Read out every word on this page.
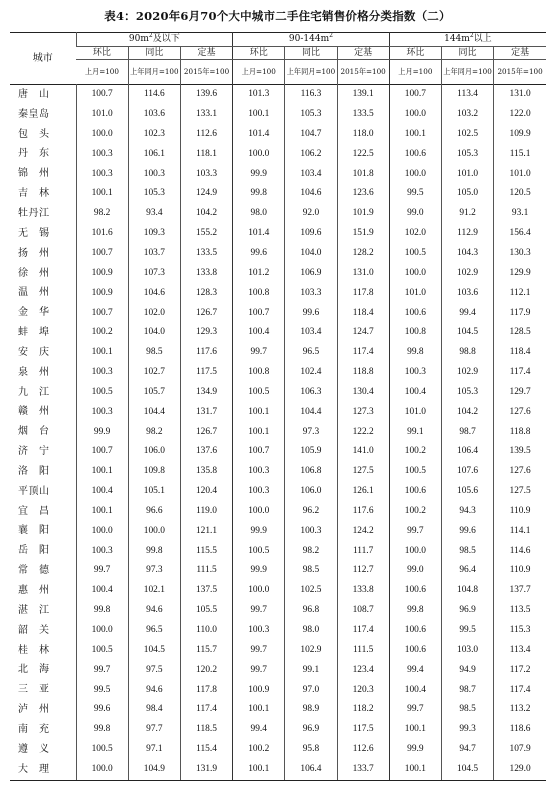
表4：2020年6月70个大中城市二手住宅销售价格分类指数（二）
城市	$90m^2$及以下			$90-144m^2$			$144m^2$以上		
	环比	同比	定基	环比	同比	定基	环比	同比	定基
	上月=100	上年同月=100	2015年=100	上月=100	上年同月=100	2015年=100	上月=100	上年同月=100	2015年=100
唐　山	100.7	114.6	139.6	101.3	116.3	139.1	100.7	113.4	131.0
秦皇岛	101.0	103.6	133.1	100.1	105.3	133.5	100.0	103.2	122.0
包　头	100.0	102.3	112.6	101.4	104.7	118.0	100.1	102.5	109.9
丹　东	100.3	106.1	118.1	100.0	106.2	122.5	100.6	105.3	115.1
锦　州	100.3	100.3	103.3	99.9	103.4	101.8	100.0	101.0	101.0
吉　林	100.1	105.3	124.9	99.8	104.6	123.6	99.5	105.0	120.5
牡丹江	98.2	93.4	104.2	98.0	92.0	101.9	99.0	91.2	93.1
无　锡	101.6	109.3	155.2	101.4	109.6	151.9	102.0	112.9	156.4
扬　州	100.7	103.7	133.5	99.6	104.0	128.2	100.5	104.3	130.3
徐　州	100.9	107.3	133.8	101.2	106.9	131.0	100.0	102.9	129.9
温　州	100.9	104.6	128.3	100.8	103.3	117.8	101.0	103.6	112.1
金　华	100.7	102.0	126.7	100.7	99.6	118.4	100.6	99.4	117.9
蚌　埠	100.2	104.0	129.3	100.4	103.4	124.7	100.8	104.5	128.5
安　庆	100.1	98.5	117.6	99.7	96.5	117.4	99.8	98.8	118.4
泉　州	100.3	102.7	117.5	100.8	102.4	118.8	100.3	102.9	117.4
九　江	100.5	105.7	134.9	100.5	106.3	130.4	100.4	105.3	129.7
赣　州	100.3	104.4	131.7	100.1	104.4	127.3	101.0	104.2	127.6
烟　台	99.9	98.2	126.7	100.1	97.3	122.2	99.1	98.7	118.8
济　宁	100.7	106.0	137.6	100.7	105.9	141.0	100.2	106.4	139.5
洛　阳	100.1	109.8	135.8	100.3	106.8	127.5	100.5	107.6	127.6
平顶山	100.4	105.1	120.4	100.3	106.0	126.1	100.6	105.6	127.5
宜　昌	100.1	96.6	119.0	100.0	96.2	117.6	100.2	94.3	110.9
襄　阳	100.0	100.0	121.1	99.9	100.3	124.2	99.7	99.6	114.1
岳　阳	100.3	99.8	115.5	100.5	98.2	111.7	100.0	98.5	114.6
常　德	99.7	97.3	111.5	99.9	98.5	112.7	99.0	96.4	110.9
惠　州	100.4	102.1	137.5	100.0	102.5	133.8	100.6	104.8	137.7
湛　江	99.8	94.6	105.5	99.7	96.8	108.7	99.8	96.9	113.5
韶　关	100.0	96.5	110.0	100.3	98.0	117.4	100.6	99.5	115.3
桂　林	100.5	104.5	115.7	99.7	102.9	111.5	100.6	103.0	113.4
北　海	99.7	97.5	120.2	99.7	99.1	123.4	99.4	94.9	117.2
三　亚	99.5	94.6	117.8	100.9	97.0	120.3	100.4	98.7	117.4
泸　州	99.6	98.4	117.4	100.1	98.9	118.2	99.7	98.5	113.2
南　充	99.8	97.7	118.5	99.4	96.9	117.5	100.1	99.3	118.6
遵　义	100.5	97.1	115.4	100.2	95.8	112.6	99.9	94.7	107.9
大　理	100.0	104.9	131.9	100.1	106.4	133.7	100.1	104.5	129.0
